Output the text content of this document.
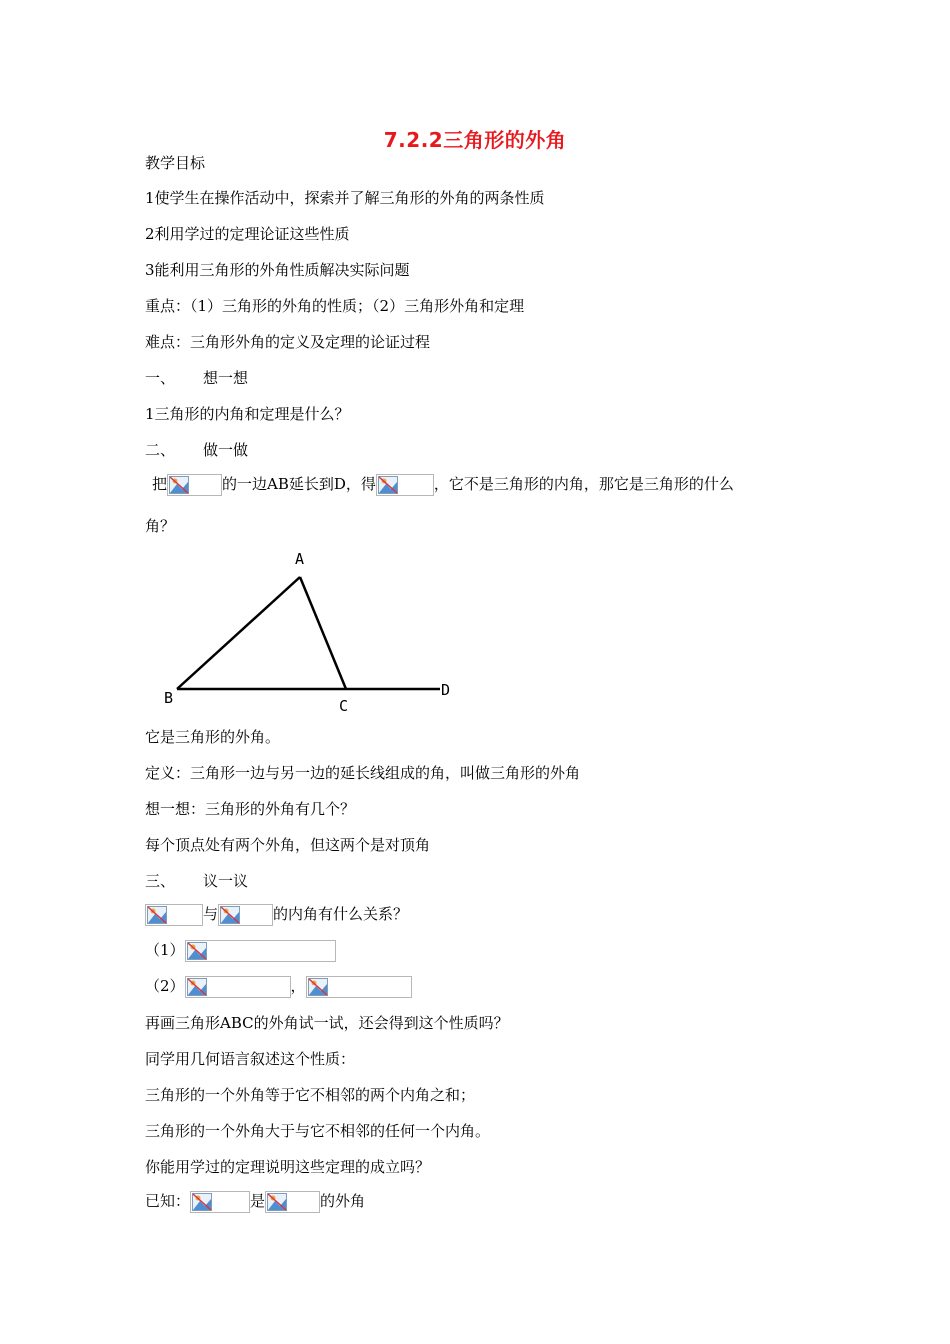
7.2.2三角形的外角
教学目标
1使学生在操作活动中，探索并了解三角形的外角的两条性质
2利用学过的定理论证这些性质
3能利用三角形的外角性质解决实际问题
重点：（1）三角形的外角的性质；（2）三角形外角和定理
难点：三角形外角的定义及定理的论证过程
一、 想一想
1三角形的内角和定理是什么？
二、 做一做
把	的一边AB延长到D，得	，它不是三角形的内角，那它是三角形的什么
角？
A
B	C
D
它是三角形的外角。
定义：三角形一边与另一边的延长线组成的角，叫做三角形的外角
想一想：三角形的外角有几个？
每个顶点处有两个外角，但这两个是对顶角
三、 议一议
与	的内角有什么关系？
（1）
（2）	，
再画三角形ABC的外角试一试，还会得到这个性质吗？
同学用几何语言叙述这个性质：
三角形的一个外角等于它不相邻的两个内角之和；
三角形的一个外角大于与它不相邻的任何一个内角。
你能用学过的定理说明这些定理的成立吗？
已知：	是	的外角
